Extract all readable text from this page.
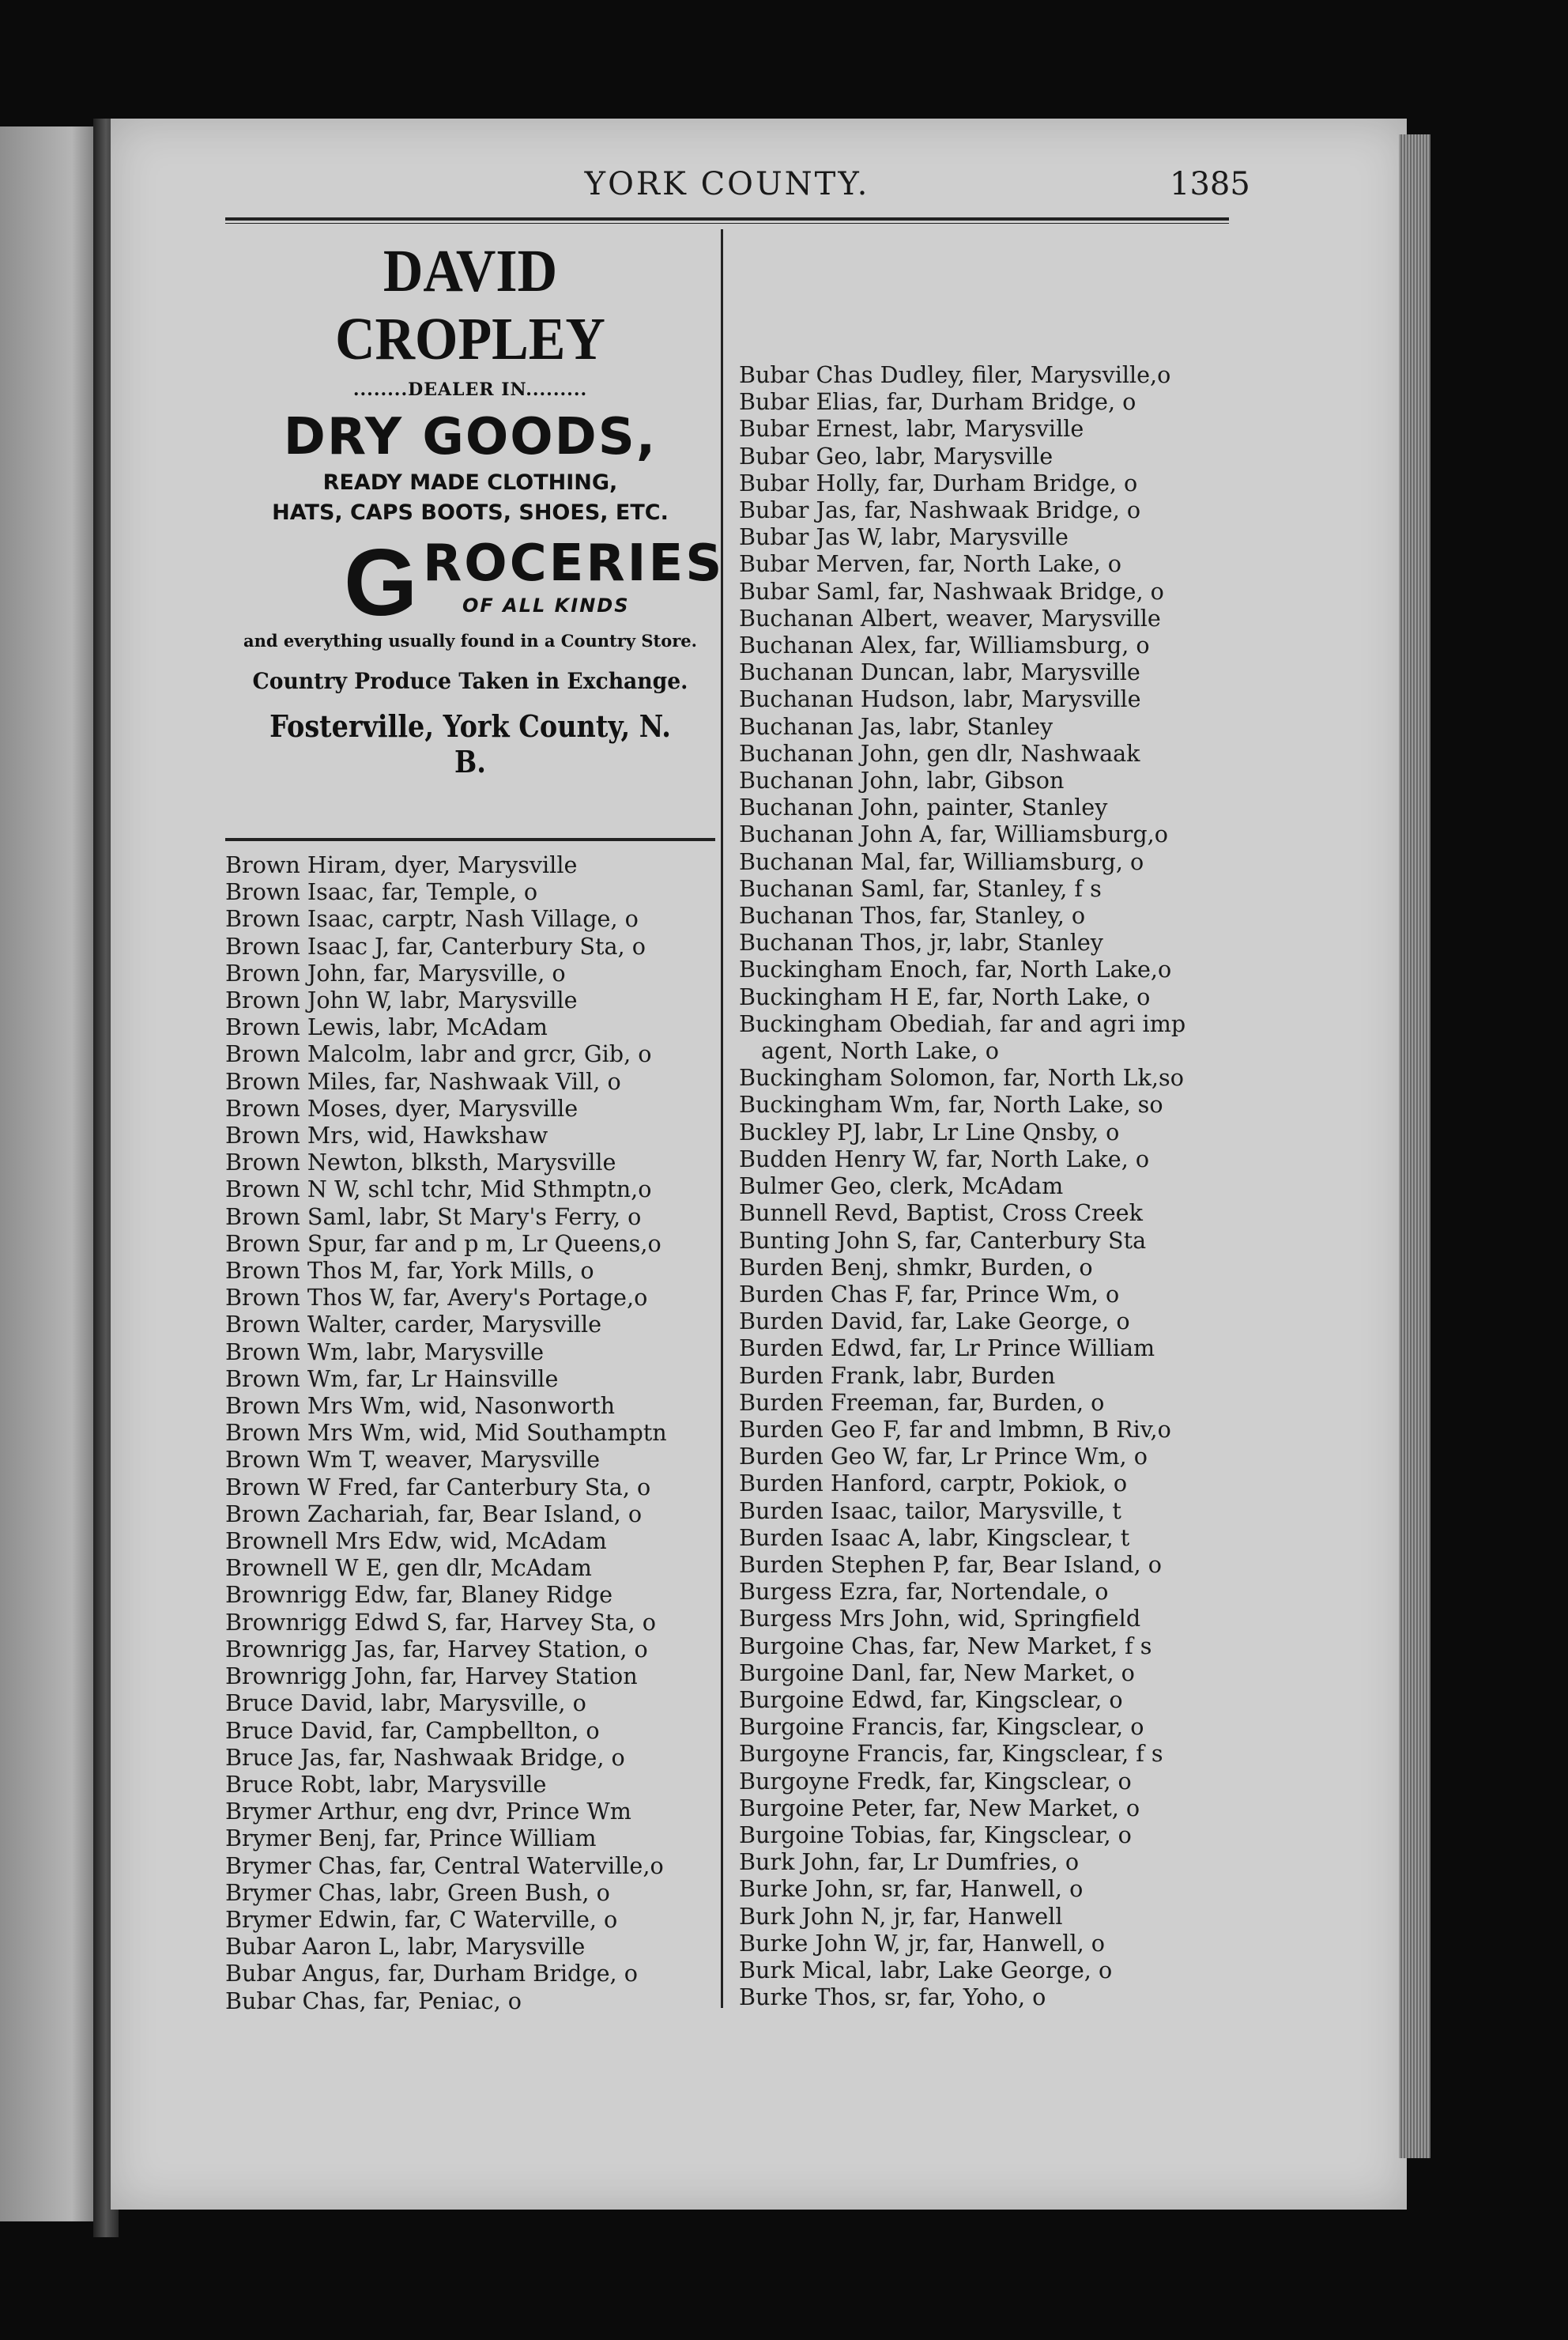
YORK COUNTY.	1385
DAVID CROPLEY
........DEALER IN.........
DRY GOODS,
READY MADE CLOTHING,
HATS, CAPS BOOTS, SHOES, ETC.
G ROCERIES
OF ALL KINDS
and everything usually found in a Country Store.
Country Produce Taken in Exchange.
Fosterville, York County, N. B.
Brown Hiram, dyer, Marysville
Brown Isaac, far, Temple, o
Brown Isaac, carptr, Nash Village, o
Brown Isaac J, far, Canterbury Sta, o
Brown John, far, Marysville, o
Brown John W, labr, Marysville
Brown Lewis, labr, McAdam
Brown Malcolm, labr and grcr, Gib, o
Brown Miles, far, Nashwaak Vill, o
Brown Moses, dyer, Marysville
Brown Mrs, wid, Hawkshaw
Brown Newton, blksth, Marysville
Brown N W, schl tchr, Mid Sthmptn,o
Brown Saml, labr, St Mary's Ferry, o
Brown Spur, far and p m, Lr Queens,o
Brown Thos M, far, York Mills, o
Brown Thos W, far, Avery's Portage,o
Brown Walter, carder, Marysville
Brown Wm, labr, Marysville
Brown Wm, far, Lr Hainsville
Brown Mrs Wm, wid, Nasonworth
Brown Mrs Wm, wid, Mid Southamptn
Brown Wm T, weaver, Marysville
Brown W Fred, far Canterbury Sta, o
Brown Zachariah, far, Bear Island, o
Brownell Mrs Edw, wid, McAdam
Brownell W E, gen dlr, McAdam
Brownrigg Edw, far, Blaney Ridge
Brownrigg Edwd S, far, Harvey Sta, o
Brownrigg Jas, far, Harvey Station, o
Brownrigg John, far, Harvey Station
Bruce David, labr, Marysville, o
Bruce David, far, Campbellton, o
Bruce Jas, far, Nashwaak Bridge, o
Bruce Robt, labr, Marysville
Brymer Arthur, eng dvr, Prince Wm
Brymer Benj, far, Prince William
Brymer Chas, far, Central Waterville,o
Brymer Chas, labr, Green Bush, o
Brymer Edwin, far, C Waterville, o
Bubar Aaron L, labr, Marysville
Bubar Angus, far, Durham Bridge, o
Bubar Chas, far, Peniac, o
Bubar Chas Dudley, filer, Marysville,o
Bubar Elias, far, Durham Bridge, o
Bubar Ernest, labr, Marysville
Bubar Geo, labr, Marysville
Bubar Holly, far, Durham Bridge, o
Bubar Jas, far, Nashwaak Bridge, o
Bubar Jas W, labr, Marysville
Bubar Merven, far, North Lake, o
Bubar Saml, far, Nashwaak Bridge, o
Buchanan Albert, weaver, Marysville
Buchanan Alex, far, Williamsburg, o
Buchanan Duncan, labr, Marysville
Buchanan Hudson, labr, Marysville
Buchanan Jas, labr, Stanley
Buchanan John, gen dlr, Nashwaak
Buchanan John, labr, Gibson
Buchanan John, painter, Stanley
Buchanan John A, far, Williamsburg,o
Buchanan Mal, far, Williamsburg, o
Buchanan Saml, far, Stanley, f s
Buchanan Thos, far, Stanley, o
Buchanan Thos, jr, labr, Stanley
Buckingham Enoch, far, North Lake,o
Buckingham H E, far, North Lake, o
Buckingham Obediah, far and agri imp
agent, North Lake, o
Buckingham Solomon, far, North Lk,so
Buckingham Wm, far, North Lake, so
Buckley PJ, labr, Lr Line Qnsby, o
Budden Henry W, far, North Lake, o
Bulmer Geo, clerk, McAdam
Bunnell Revd, Baptist, Cross Creek
Bunting John S, far, Canterbury Sta
Burden Benj, shmkr, Burden, o
Burden Chas F, far, Prince Wm, o
Burden David, far, Lake George, o
Burden Edwd, far, Lr Prince William
Burden Frank, labr, Burden
Burden Freeman, far, Burden, o
Burden Geo F, far and lmbmn, B Riv,o
Burden Geo W, far, Lr Prince Wm, o
Burden Hanford, carptr, Pokiok, o
Burden Isaac, tailor, Marysville, t
Burden Isaac A, labr, Kingsclear, t
Burden Stephen P, far, Bear Island, o
Burgess Ezra, far, Nortendale, o
Burgess Mrs John, wid, Springfield
Burgoine Chas, far, New Market, f s
Burgoine Danl, far, New Market, o
Burgoine Edwd, far, Kingsclear, o
Burgoine Francis, far, Kingsclear, o
Burgoyne Francis, far, Kingsclear, f s
Burgoyne Fredk, far, Kingsclear, o
Burgoine Peter, far, New Market, o
Burgoine Tobias, far, Kingsclear, o
Burk John, far, Lr Dumfries, o
Burke John, sr, far, Hanwell, o
Burk John N, jr, far, Hanwell
Burke John W, jr, far, Hanwell, o
Burk Mical, labr, Lake George, o
Burke Thos, sr, far, Yoho, o
